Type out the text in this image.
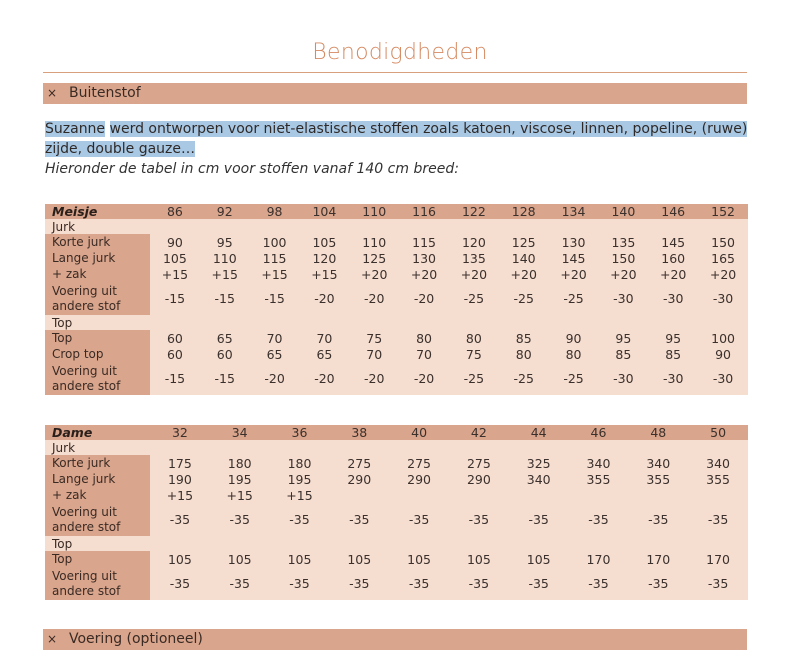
Benodigdheden
× Buitenstof
Suzanne werd ontworpen voor niet-elastische stoffen zoals katoen, viscose, linnen, popeline, (ruwe) zijde, double gauze…
Hieronder de tabel in cm voor stoffen vanaf 140 cm breed:
Meisje	86	92	98	104	110	116	122	128	134	140	146	152
Jurk												
Korte jurk	90	95	100	105	110	115	120	125	130	135	145	150
Lange jurk	105	110	115	120	125	130	135	140	145	150	160	165
+ zak	+15	+15	+15	+15	+20	+20	+20	+20	+20	+20	+20	+20
Voering uit andere stof	-15	-15	-15	-20	-20	-20	-25	-25	-25	-30	-30	-30
Top												
Top	60	65	70	70	75	80	80	85	90	95	95	100
Crop top	60	60	65	65	70	70	75	80	80	85	85	90
Voering uit andere stof	-15	-15	-20	-20	-20	-20	-25	-25	-25	-30	-30	-30
Dame	32	34	36	38	40	42	44	46	48	50
Jurk										
Korte jurk	175	180	180	275	275	275	325	340	340	340
Lange jurk	190	195	195	290	290	290	340	355	355	355
+ zak	+15	+15	+15							
Voering uit andere stof	-35	-35	-35	-35	-35	-35	-35	-35	-35	-35
Top										
Top	105	105	105	105	105	105	105	170	170	170
Voering uit andere stof	-35	-35	-35	-35	-35	-35	-35	-35	-35	-35
× Voering (optioneel)
